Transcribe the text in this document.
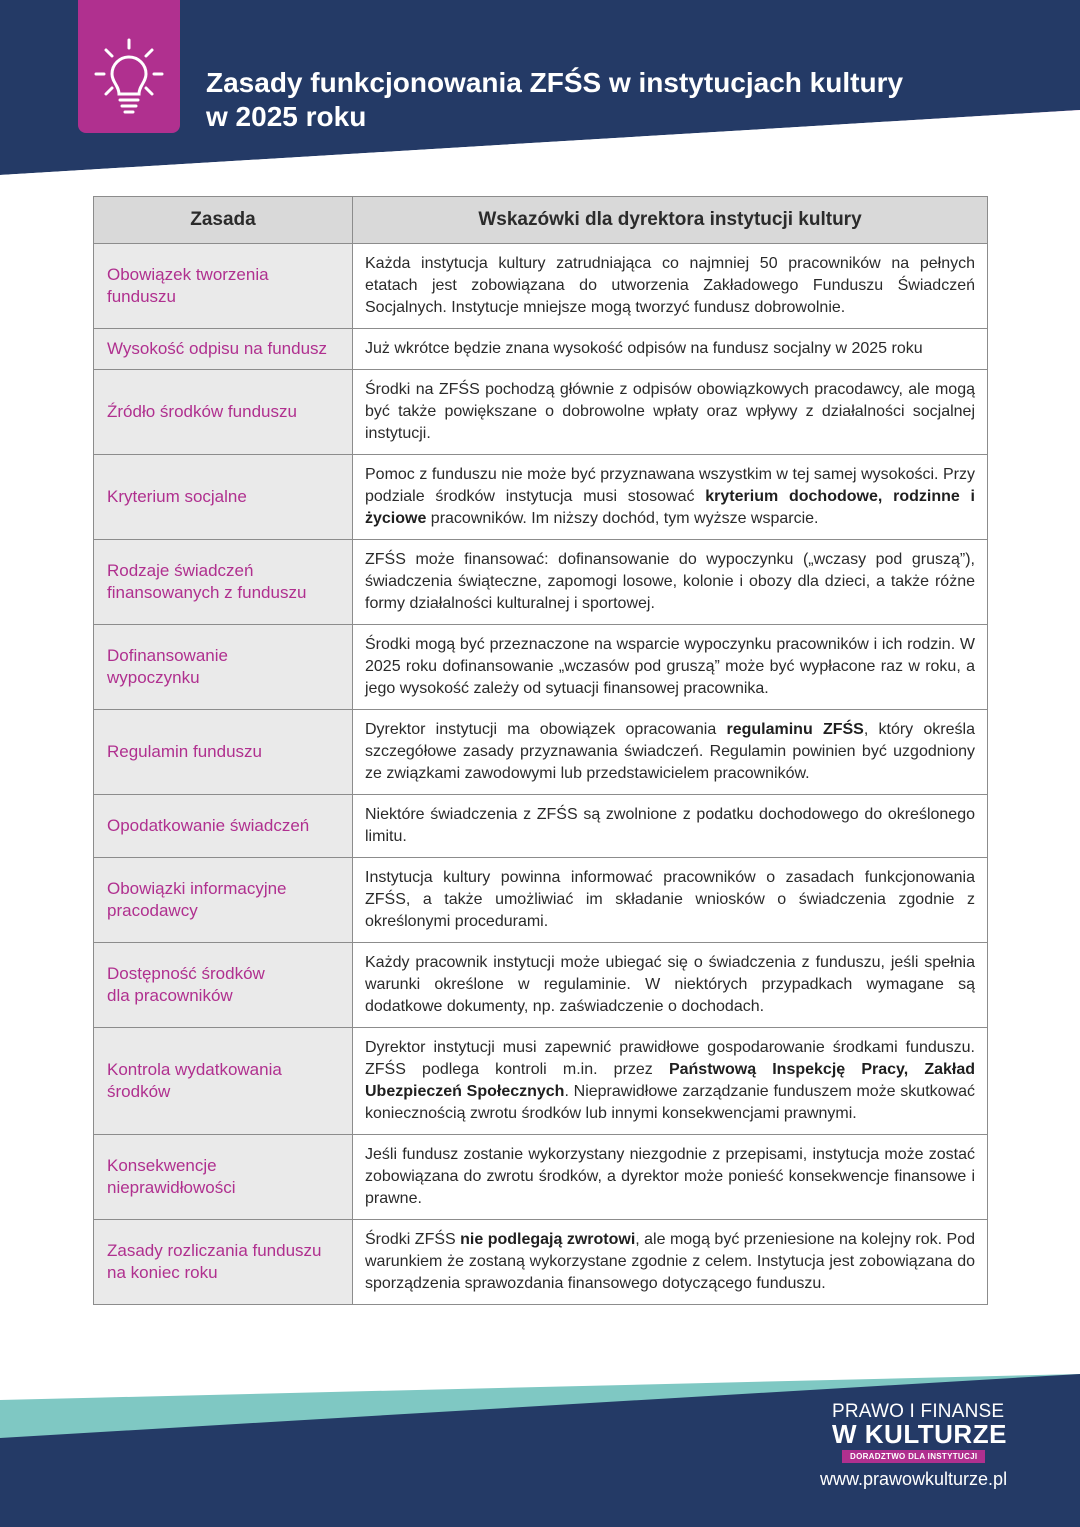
Zasady funkcjonowania ZFŚS w instytucjach kultury
w 2025 roku
Zasada	Wskazówki dla dyrektora instytucji kultury
Obowiązek tworzenia
funduszu	Każda instytucja kultury zatrudniająca co najmniej 50 pracowników na pełnych etatach jest zobowiązana do utworzenia Zakładowego Funduszu Świadczeń Socjalnych. Instytucje mniejsze mogą tworzyć fundusz dobrowolnie.
Wysokość odpisu na fundusz	Już wkrótce będzie znana wysokość odpisów na fundusz socjalny w 2025 roku
Źródło środków funduszu	Środki na ZFŚS pochodzą głównie z odpisów obowiązkowych pracodawcy, ale mogą być także powiększane o dobrowolne wpłaty oraz wpływy z działalności socjalnej instytucji.
Kryterium socjalne	Pomoc z funduszu nie może być przyznawana wszystkim w tej samej wysokości. Przy podziale środków instytucja musi stosować kryterium dochodowe, rodzinne i życiowe pracowników. Im niższy dochód, tym wyższe wsparcie.
Rodzaje świadczeń finansowanych z funduszu	ZFŚS może finansować: dofinansowanie do wypoczynku („wczasy pod gruszą”), świadczenia świąteczne, zapomogi losowe, kolonie i obozy dla dzieci, a także różne formy działalności kulturalnej i sportowej.
Dofinansowanie
wypoczynku	Środki mogą być przeznaczone na wsparcie wypoczynku pracowników i ich rodzin. W 2025 roku dofinansowanie „wczasów pod gruszą” może być wypłacone raz w roku, a jego wysokość zależy od sytuacji finansowej pracownika.
Regulamin funduszu	Dyrektor instytucji ma obowiązek opracowania regulaminu ZFŚS, który określa szczegółowe zasady przyznawania świadczeń. Regulamin powinien być uzgodniony ze związkami zawodowymi lub przedstawicielem pracowników.
Opodatkowanie świadczeń	Niektóre świadczenia z ZFŚS są zwolnione z podatku dochodowego do określonego limitu.
Obowiązki informacyjne
pracodawcy	Instytucja kultury powinna informować pracowników o zasadach funkcjonowania ZFŚS, a także umożliwiać im składanie wniosków o świadczenia zgodnie z określonymi procedurami.
Dostępność środków
dla pracowników	Każdy pracownik instytucji może ubiegać się o świadczenia z funduszu, jeśli spełnia warunki określone w regulaminie. W niektórych przypadkach wymagane są dodatkowe dokumenty, np. zaświadczenie o dochodach.
Kontrola wydatkowania
środków	Dyrektor instytucji musi zapewnić prawidłowe gospodarowanie środkami funduszu. ZFŚS podlega kontroli m.in. przez Państwową Inspekcję Pracy, Zakład Ubezpieczeń Społecznych. Nieprawidłowe zarządzanie funduszem może skutkować koniecznością zwrotu środków lub innymi konsekwencjami prawnymi.
Konsekwencje
nieprawidłowości	Jeśli fundusz zostanie wykorzystany niezgodnie z przepisami, instytucja może zostać zobowiązana do zwrotu środków, a dyrektor może ponieść konsekwencje finansowe i prawne.
Zasady rozliczania funduszu
na koniec roku	Środki ZFŚS nie podlegają zwrotowi, ale mogą być przeniesione na kolejny rok. Pod warunkiem że zostaną wykorzystane zgodnie z celem. Instytucja jest zobowiązana do sporządzenia sprawozdania finansowego dotyczącego funduszu.
PRAWO I FINANSE
W KULTURZE
DORADZTWO DLA INSTYTUCJI
www.prawowkulturze.pl
